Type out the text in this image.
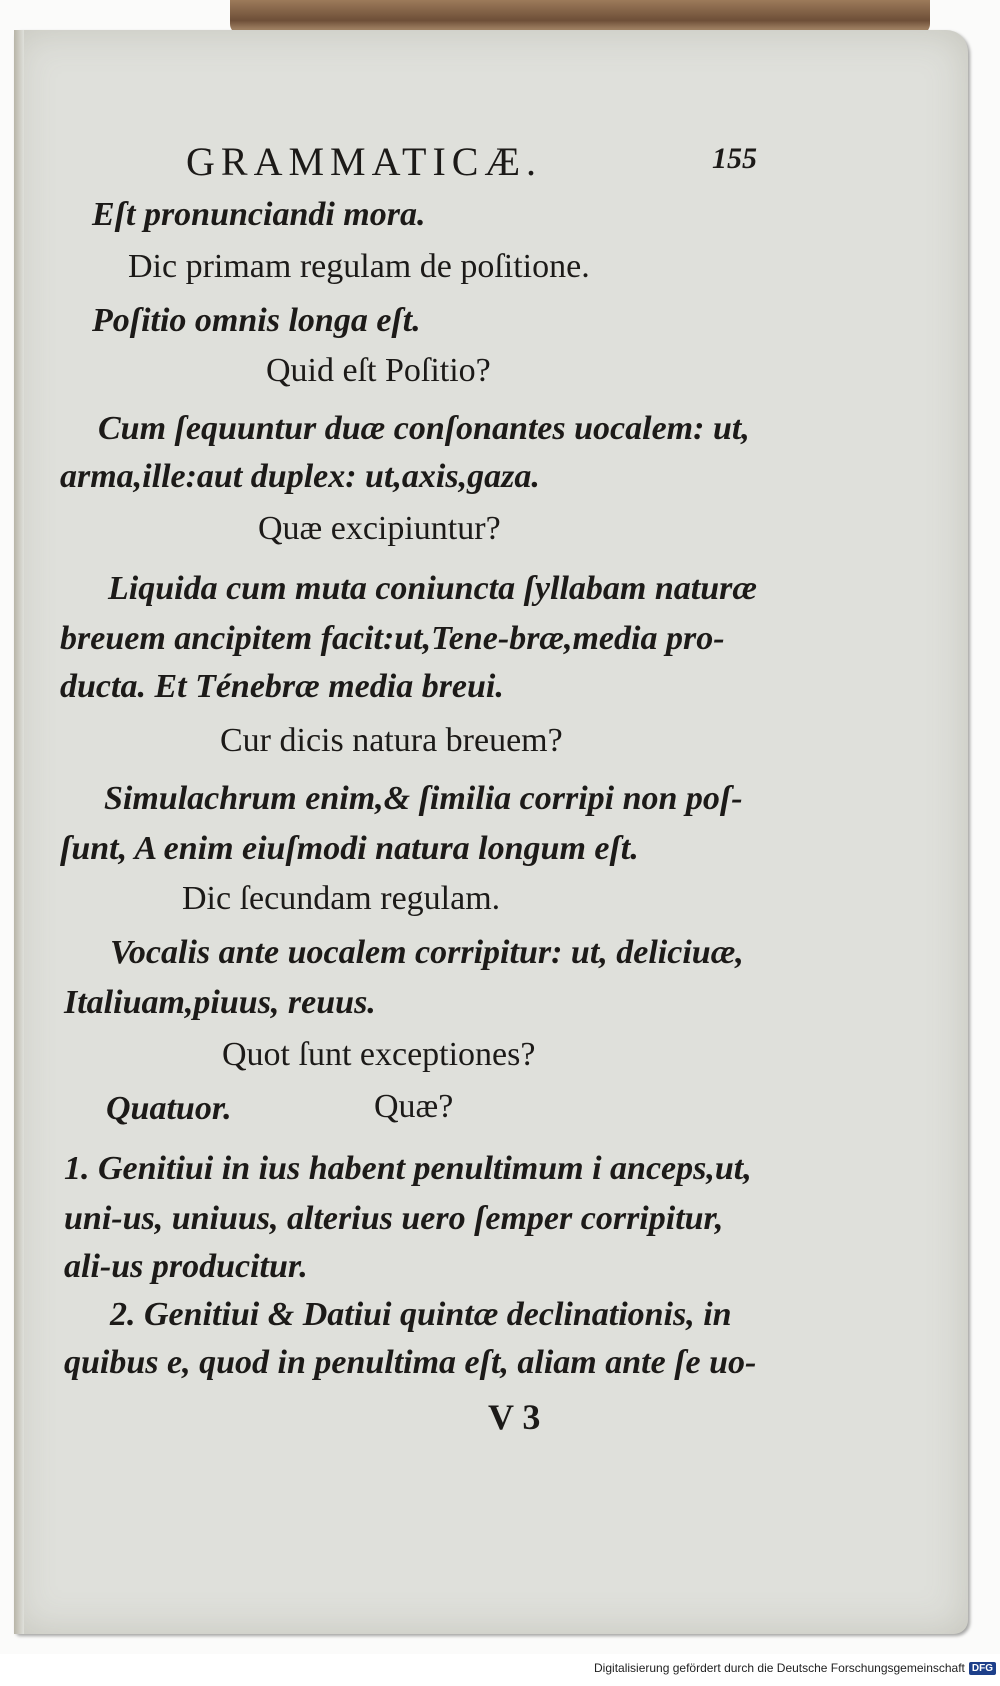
GRAMMATICÆ.	155
Eſt pronunciandi mora.
Dic primam regulam de poſitione.
Poſitio omnis longa eſt.
Quid eſt Poſitio?
Cum ſequuntur duæ conſonantes uocalem: ut,
arma,ille:aut duplex: ut,axis,gaza.
Quæ excipiuntur?
Liquida cum muta coniuncta ſyllabam naturæ
breuem ancipitem facit:ut,Tene-bræ,media pro-
ducta. Et Ténebræ media breui.
Cur dicis natura breuem?
Simulachrum enim,& ſimilia corripi non poſ-
ſunt, A enim eiuſmodi natura longum eſt.
Dic ſecundam regulam.
Vocalis ante uocalem corripitur: ut, deliciuæ,
Italiuam,piuus, reuus.
Quot ſunt exceptiones?
Quatuor.	Quæ?
1. Genitiui in ius habent penultimum i anceps,ut,
uni-us, uniuus, alterius uero ſemper corripitur,
ali-us producitur.
2. Genitiui & Datiui quintæ declinationis, in
quibus e, quod in penultima eſt, aliam ante ſe uo-
V 3
Digitalisierung gefördert durch die Deutsche Forschungsgemeinschaft DFG
